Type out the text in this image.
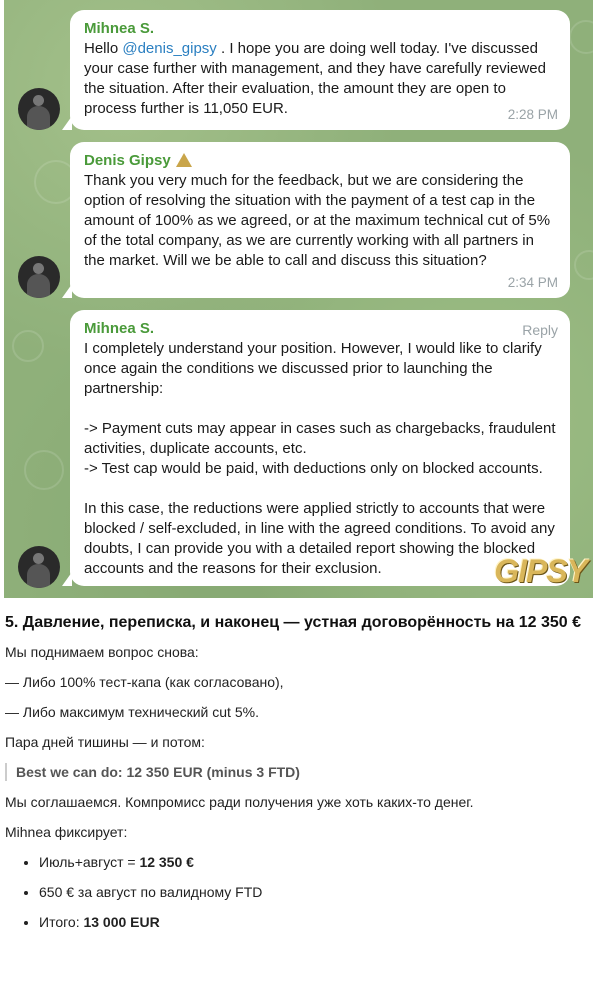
Mihnea S.
Hello @denis_gipsy . I hope you are doing well today. I've discussed your case further with management, and they have carefully reviewed the situation. After their evaluation, the amount they are open to process further is 11,050 EUR.	2:28 PM
Denis Gipsy
Thank you very much for the feedback, but we are considering the option of resolving the situation with the payment of a test cap in the amount of 100% as we agreed, or at the maximum technical cut of 5% of the total company, as we are currently working with all partners in the market. Will we be able to call and discuss this situation?
2:34 PM
Mihnea S.	Reply
I completely understand your position. However, I would like to clarify once again the conditions we discussed prior to launching the partnership:

-> Payment cuts may appear in cases such as chargebacks, fraudulent activities, duplicate accounts, etc.
-> Test cap would be paid, with deductions only on blocked accounts.

In this case, the reductions were applied strictly to accounts that were blocked / self-excluded, in line with the agreed conditions. To avoid any doubts, I can provide you with a detailed report showing the blocked accounts and the reasons for their exclusion.	GIPSY
5. Давление, переписка, и наконец — устная договорённость на 12 350 €

Мы поднимаем вопрос снова:

— Либо 100% тест-капа (как согласовано),

— Либо максимум технический cut 5%.

Пара дней тишины — и потом:

Best we can do: 12 350 EUR (minus 3 FTD)

Мы соглашаемся. Компромисс ради получения уже хоть каких-то денег.

Mihnea фиксирует:

• Июль+август = 12 350 €
• 650 € за август по валидному FTD
• Итого: 13 000 EUR
